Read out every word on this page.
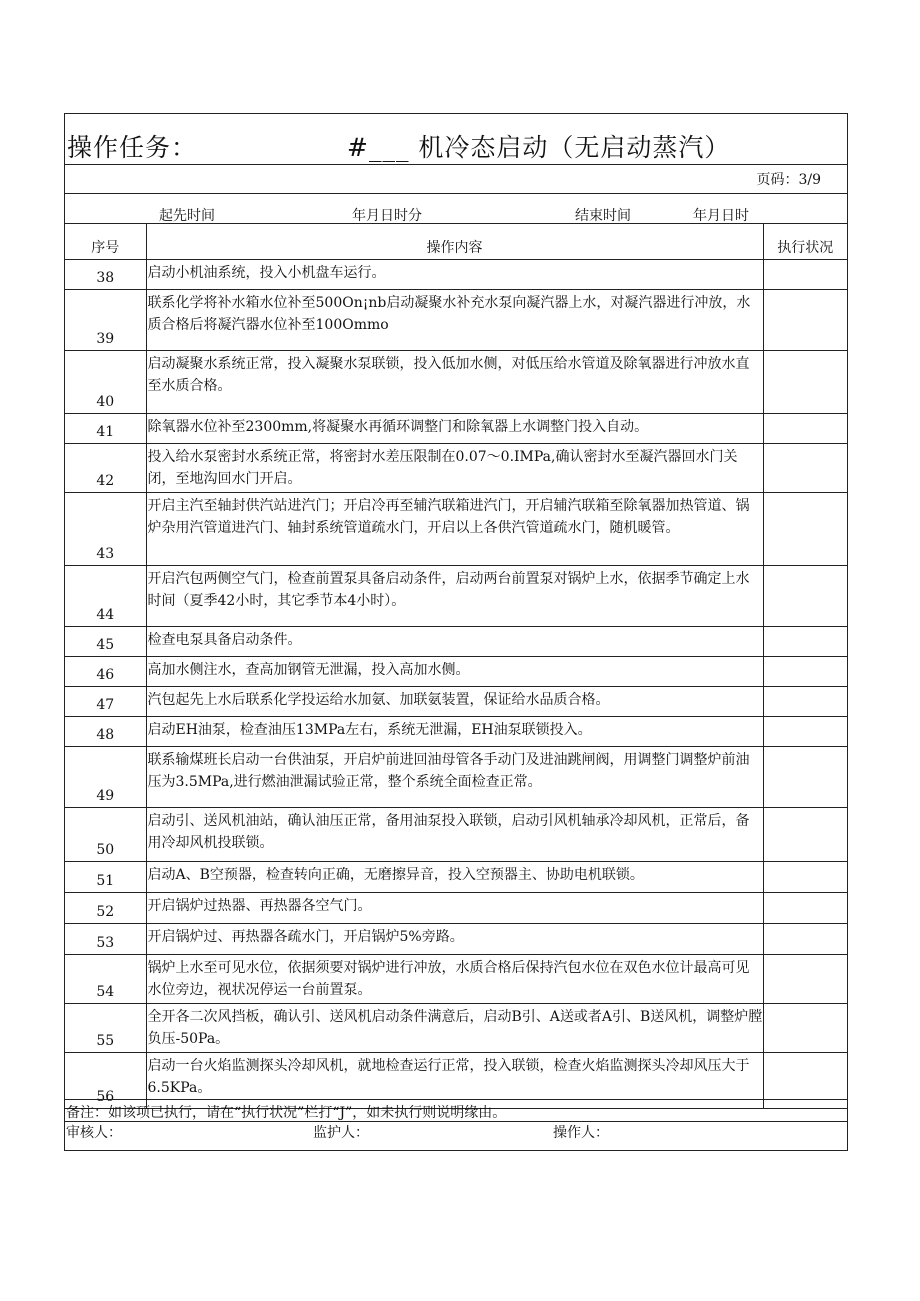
操作任务：	#___ 机冷态启动（无启动蒸汽）
页码：3/9
起先时间	年月日时分	结束时间	年月日时
序号	操作内容	执行状况
38	启动小机油系统，投入小机盘车运行。	
39	联系化学将补水箱水位补至500On¡nb启动凝聚水补充水泵向凝汽器上水，对凝汽器进行冲放，水质合格后将凝汽器水位补至100Ommo	
40	启动凝聚水系统正常，投入凝聚水泵联锁，投入低加水侧，对低压给水管道及除氧器进行冲放水直至水质合格。	
41	除氧器水位补至2300mm,将凝聚水再循环调整门和除氧器上水调整门投入自动。	
42	投入给水泵密封水系统正常，将密封水差压限制在0.07～0.IMPa,确认密封水至凝汽器回水门关闭，至地沟回水门开启。	
43	开启主汽至轴封供汽站进汽门；开启冷再至辅汽联箱进汽门，开启辅汽联箱至除氧器加热管道、锅炉杂用汽管道进汽门、轴封系统管道疏水门，开启以上各供汽管道疏水门，随机暖管。	
44	开启汽包两侧空气门，检查前置泵具备启动条件，启动两台前置泵对锅炉上水，依据季节确定上水时间（夏季42小时，其它季节本4小时）。	
45	检查电泵具备启动条件。	
46	高加水侧注水，查高加钢管无泄漏，投入高加水侧。	
47	汽包起先上水后联系化学投运给水加氨、加联氨装置，保证给水品质合格。	
48	启动EH油泵，检查油压13MPa左右，系统无泄漏，EH油泵联锁投入。	
49	联系输煤班长启动一台供油泵，开启炉前进回油母管各手动门及进油跳闸阀，用调整门调整炉前油压为3.5MPa,进行燃油泄漏试验正常，整个系统全面检查正常。	
50	启动引、送风机油站，确认油压正常，备用油泵投入联锁，启动引风机轴承冷却风机，正常后，备用冷却风机投联锁。	
51	启动A、B空预器，检查转向正确，无磨擦异音，投入空预器主、协助电机联锁。	
52	开启锅炉过热器、再热器各空气门。	
53	开启锅炉过、再热器各疏水门，开启锅炉5%旁路。	
54	锅炉上水至可见水位，依据须要对锅炉进行冲放，水质合格后保持汽包水位在双色水位计最高可见水位旁边，视状况停运一台前置泵。	
55	全开各二次风挡板，确认引、送风机启动条件满意后，启动B引、A送或者A引、B送风机，调整炉膛负压-50Pa。	
56	启动一台火焰监测探头冷却风机，就地检查运行正常，投入联锁，检查火焰监测探头冷却风压大于6.5KPa。	
备注：如该项已执行，请在“执行状况”栏打“J”，如未执行则说明缘由。
审核人：	监护人：	操作人：
